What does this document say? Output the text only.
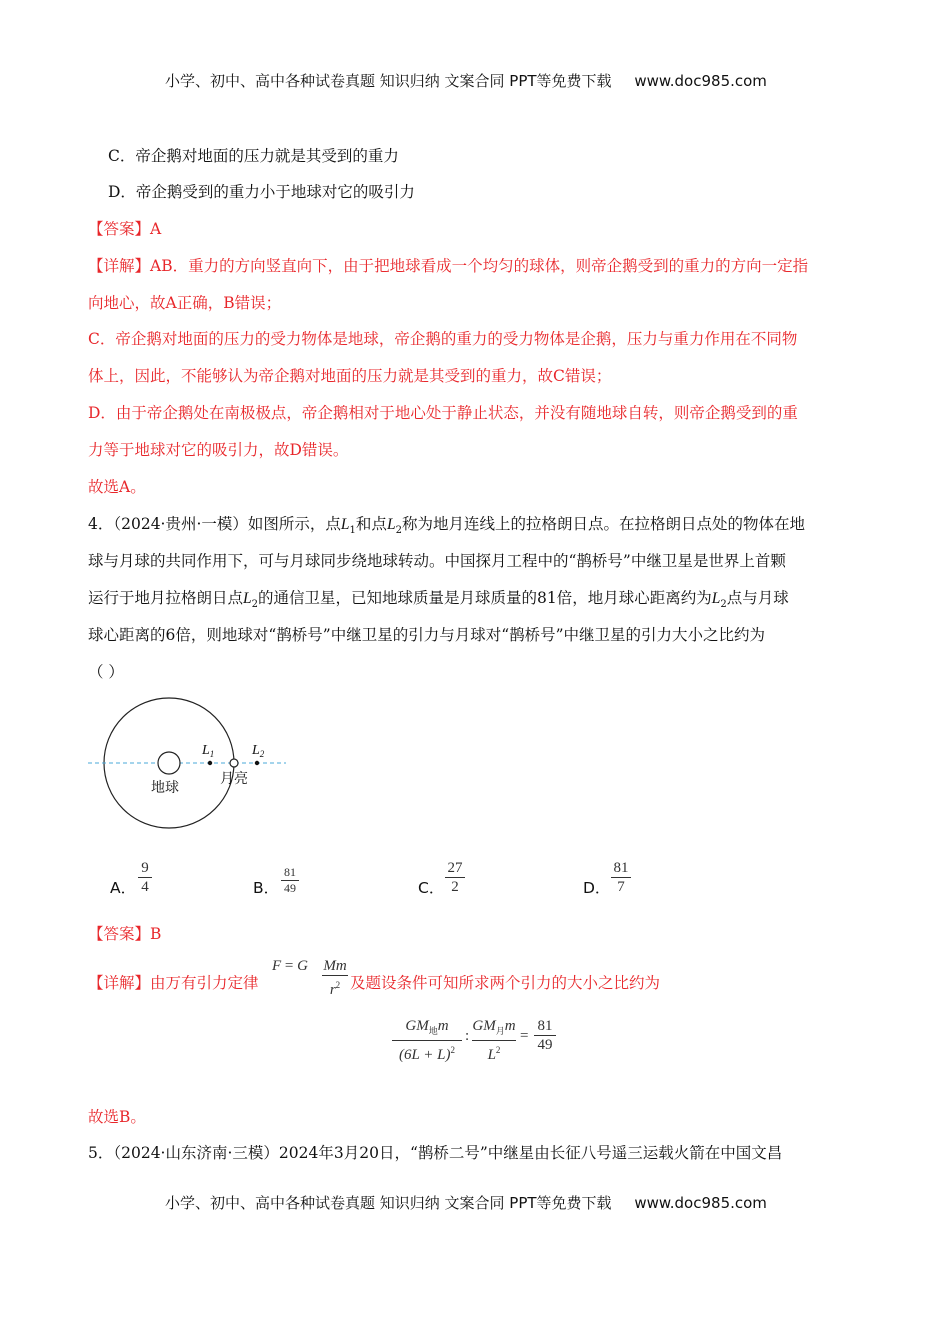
小学、初中、高中各种试卷真题 知识归纳 文案合同 PPT等免费下载 www.doc985.com
C．帝企鹅对地面的压力就是其受到的重力
D．帝企鹅受到的重力小于地球对它的吸引力
【答案】A
【详解】AB．重力的方向竖直向下，由于把地球看成一个均匀的球体，则帝企鹅受到的重力的方向一定指
向地心，故A正确，B错误；
C．帝企鹅对地面的压力的受力物体是地球，帝企鹅的重力的受力物体是企鹅，压力与重力作用在不同物
体上，因此，不能够认为帝企鹅对地面的压力就是其受到的重力，故C错误；
D．由于帝企鹅处在南极极点，帝企鹅相对于地心处于静止状态，并没有随地球自转，则帝企鹅受到的重
力等于地球对它的吸引力，故D错误。
故选A。
4．（2024·贵州·一模）如图所示，点$L_1$和点$L_2$称为地月连线上的拉格朗日点。在拉格朗日点处的物体在地
球与月球的共同作用下，可与月球同步绕地球转动。中国探月工程中的“鹊桥号”中继卫星是世界上首颗
运行于地月拉格朗日点$L_2$的通信卫星，已知地球质量是月球质量的81倍，地月球心距离约为$L_2$点与月球
球心距离的6倍，则地球对“鹊桥号”中继卫星的引力与月球对“鹊桥号”中继卫星的引力大小之比约为
（ ）
$L_1$	$L_2$
地球
月亮
A．
9
4	B．
81
49	C．
27
2	D．
81
7
【答案】B
【详解】由万有引力定律
F = G Mm
$r^2$ 及题设条件可知所求两个引力的大小之比约为
$GM_地m$
$(6L + L)^2$
:
$GM_月m$
$L^2$
=
81
49
故选B。
5．（2024·山东济南·三模）2024年3月20日，“鹊桥二号”中继星由长征八号遥三运载火箭在中国文昌
小学、初中、高中各种试卷真题 知识归纳 文案合同 PPT等免费下载 www.doc985.com
